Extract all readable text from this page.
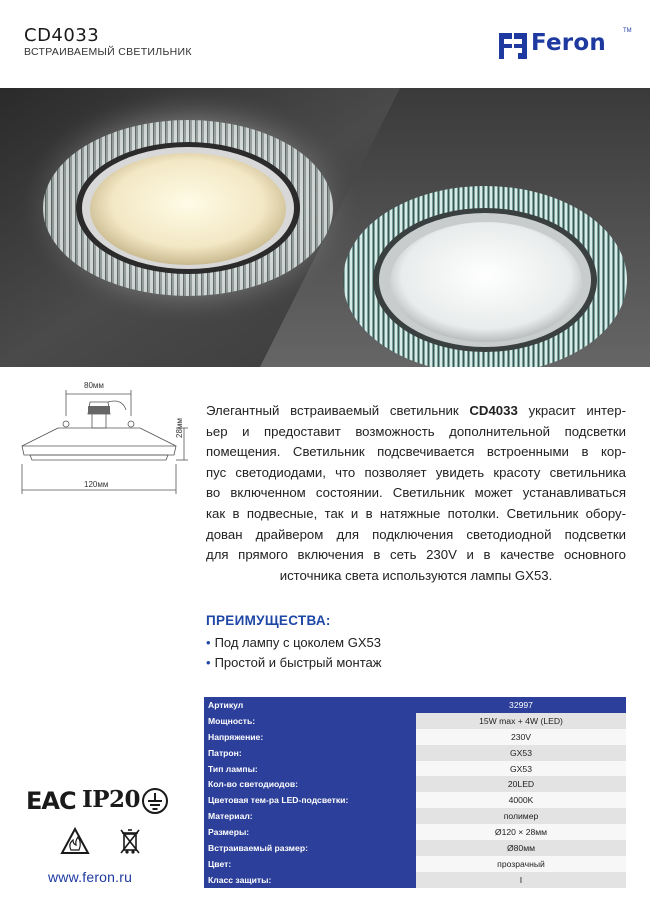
CD4033
ВСТРАИВАЕМЫЙ СВЕТИЛЬНИК	Feron	TM
80мм
28мм
120мм
Элегантный встраиваемый светильник CD4033 украсит интер-
ьер и предоставит возможность дополнительной подсветки
помещения. Светильник подсвечивается встроенными в кор-
пус светодиодами, что позволяет увидеть красоту светильника
во включенном состоянии. Светильник может устанавливаться
как в подвесные, так и в натяжные потолки. Светильник обору-
дован драйвером для подключения светодиодной подсветки
для прямого включения в сеть 230V и в качестве основного
источника света используются лампы GX53.
ПРЕИМУЩЕСТВА:
• Под лампу с цоколем GX53
• Простой и быстрый монтаж
Артикул	32997
Мощность:	15W max + 4W (LED)
Напряжение:	230V
Патрон:	GX53
Тип лампы:	GX53
Кол-во светодиодов:	20LED
Цветовая тем-ра LED-подсветки:	4000K
Материал:	полимер
Размеры:	Ø120 × 28мм
Встраиваемый размер:	Ø80мм
Цвет:	прозрачный
Класс защиты:	I
EAC IP20
www.feron.ru
